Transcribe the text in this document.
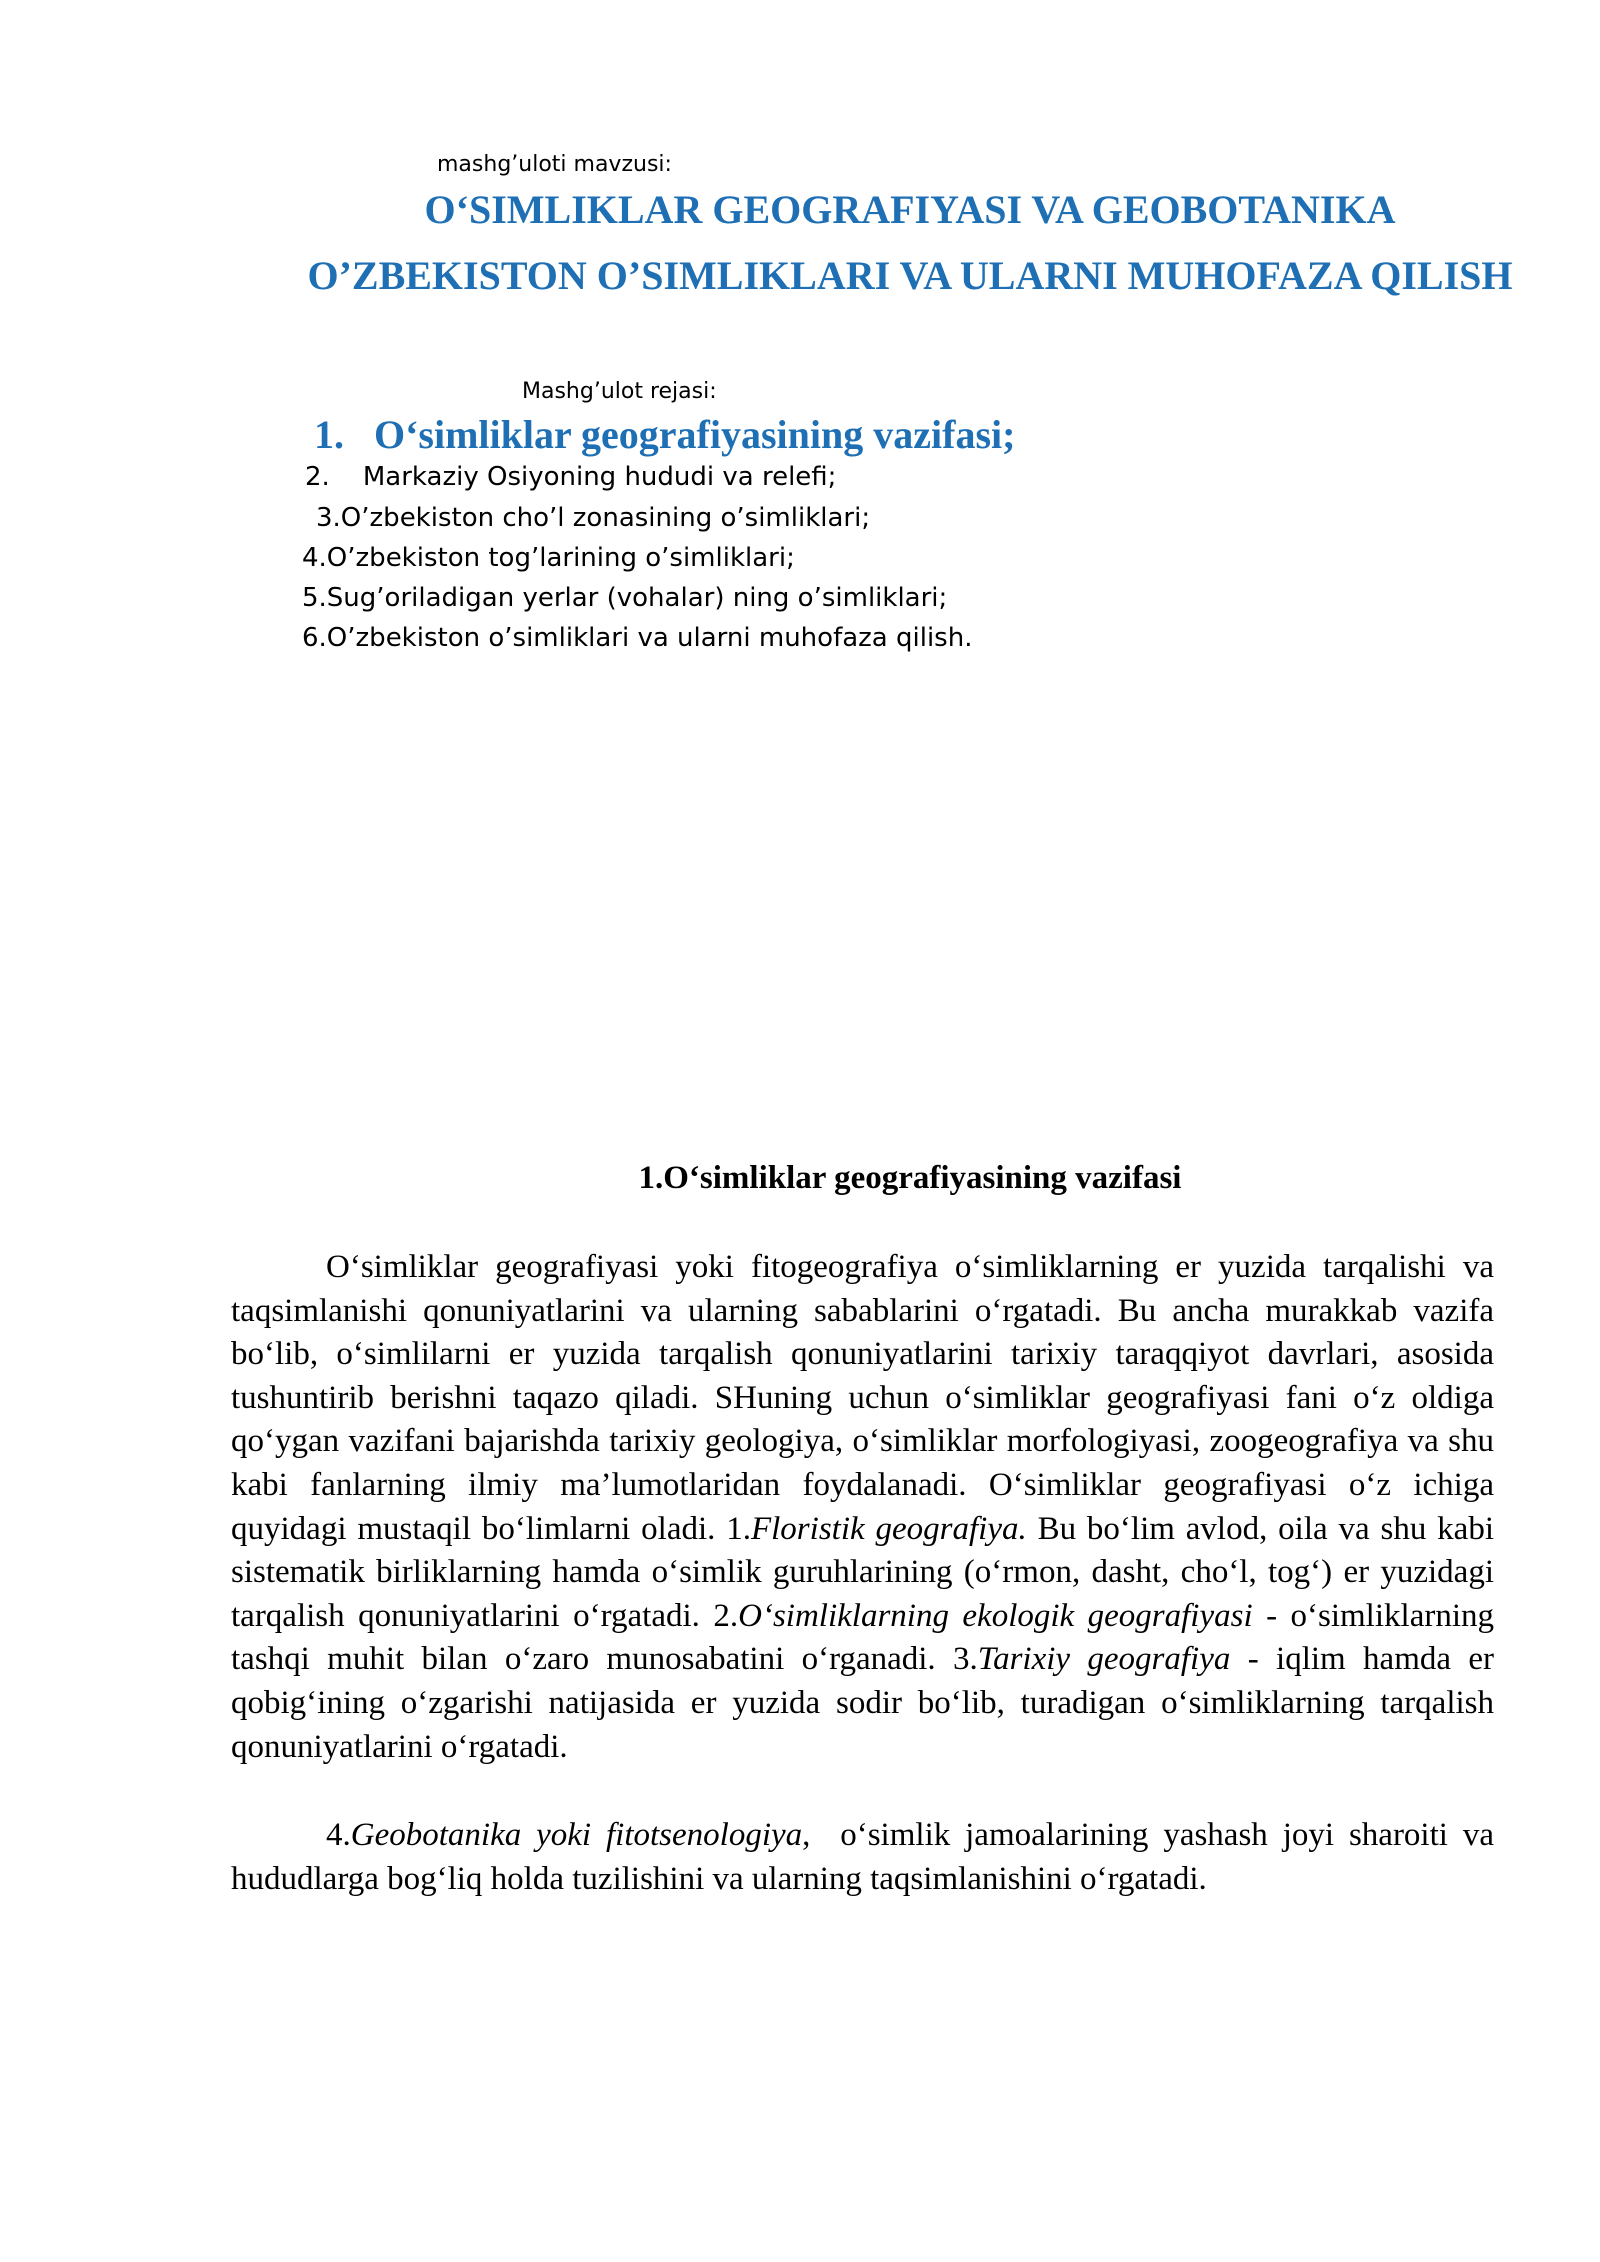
mashg’uloti mavzusi:
O‘SIMLIKLAR GEOGRAFIYASI VA GEOBOTANIKA
O’ZBEKISTON O’SIMLIKLARI VA ULARNI MUHOFAZA QILISH
Mashg’ulot rejasi:
1.   O‘simliklar geografiyasining vazifasi;
2.    Markaziy Osiyoning hududi va relefi;
3.O’zbekiston cho’l zonasining o’simliklari;
4.O’zbekiston tog’larining o’simliklari;
5.Sug’oriladigan yerlar (vohalar) ning o’simliklari;
6.O’zbekiston o’simliklari va ularni muhofaza qilish.
1.O‘simliklar geografiyasining vazifasi
O‘simliklar geografiyasi yoki fitogeografiya o‘simliklarning er yuzida tarqalishi va taqsimlanishi qonuniyatlarini va ularning sabablarini o‘rgatadi. Bu ancha murakkab vazifa bo‘lib, o‘simlilarni er yuzida tarqalish qonuniyatlarini tarixiy taraqqiyot davrlari, asosida tushuntirib berishni taqazo qiladi. SHuning uchun o‘simliklar geografiyasi fani o‘z oldiga qo‘ygan vazifani bajarishda tarixiy geologiya, o‘simliklar morfologiyasi, zoogeografiya va shu kabi fanlarning ilmiy ma’lumotlaridan foydalanadi. O‘simliklar geografiyasi o‘z ichiga quyidagi mustaqil bo‘limlarni oladi. 1.Floristik geografiya. Bu bo‘lim avlod, oila va shu kabi sistematik birliklarning hamda o‘simlik guruhlarining (o‘rmon, dasht, cho‘l, tog‘) er yuzidagi tarqalish qonuniyatlarini o‘rgatadi. 2.O‘simliklarning ekologik geografiyasi - o‘simliklarning tashqi muhit bilan o‘zaro munosabatini o‘rganadi. 3.Tarixiy geografiya - iqlim hamda er qobig‘ining o‘zgarishi natijasida er yuzida sodir bo‘lib, turadigan o‘simliklarning tarqalish qonuniyatlarini o‘rgatadi.
4.Geobotanika yoki fitotsenologiya,  o‘simlik jamoalarining yashash joyi sharoiti va hududlarga bog‘liq holda tuzilishini va ularning taqsimlanishini o‘rgatadi.
